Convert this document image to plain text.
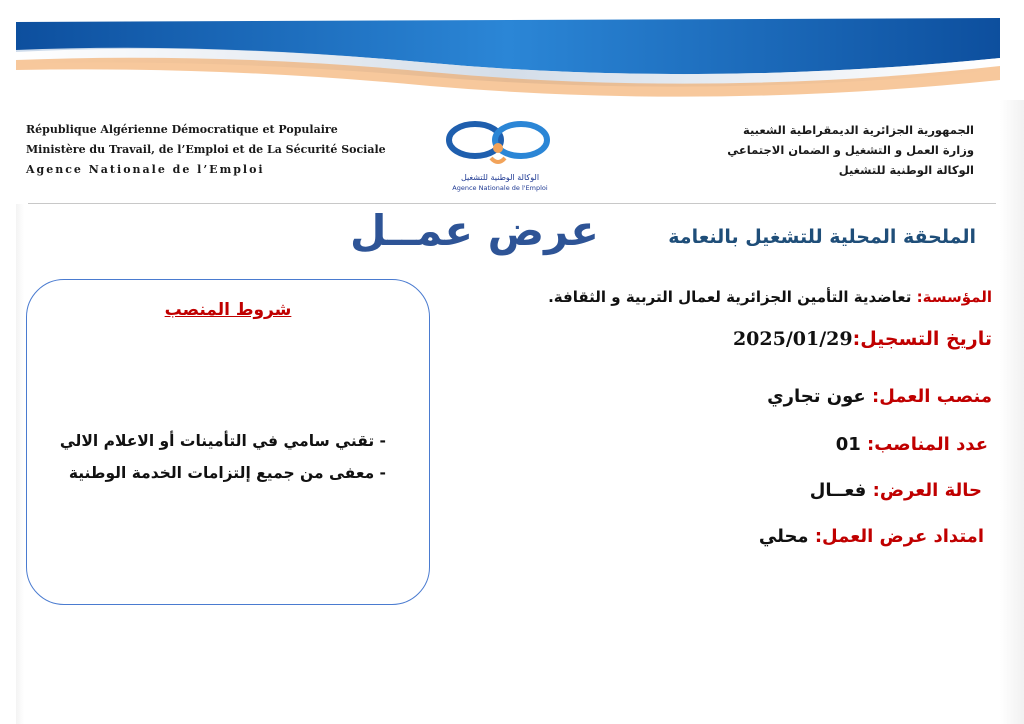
République Algérienne Démocratique et Populaire
Ministère du Travail, de l’Emploi et de La Sécurité Sociale
Agence Nationale de l’Emploi
الوكالة الوطنية للتشغيل
Agence Nationale de l'Emploi
الجمهورية الجزائرية الديمقراطية الشعبية
وزارة العمل و التشغيل و الضمان الاجتماعي
الوكالة الوطنية للتشغيل
الملحقة المحلية للتشغيل بالنعامة
عرض عمــل
المؤسسة: تعاضدية التأمين الجزائرية لعمال التربية و الثقافة.
تاريخ التسجيل:2025/01/29
منصب العمل: عون تجاري
عدد المناصب: 01
حالة العرض: فعــال
امتداد عرض العمل: محلي
شروط المنصب
- تقني سامي في التأمينات أو الاعلام الالي
- معفى من جميع إلتزامات الخدمة الوطنية
